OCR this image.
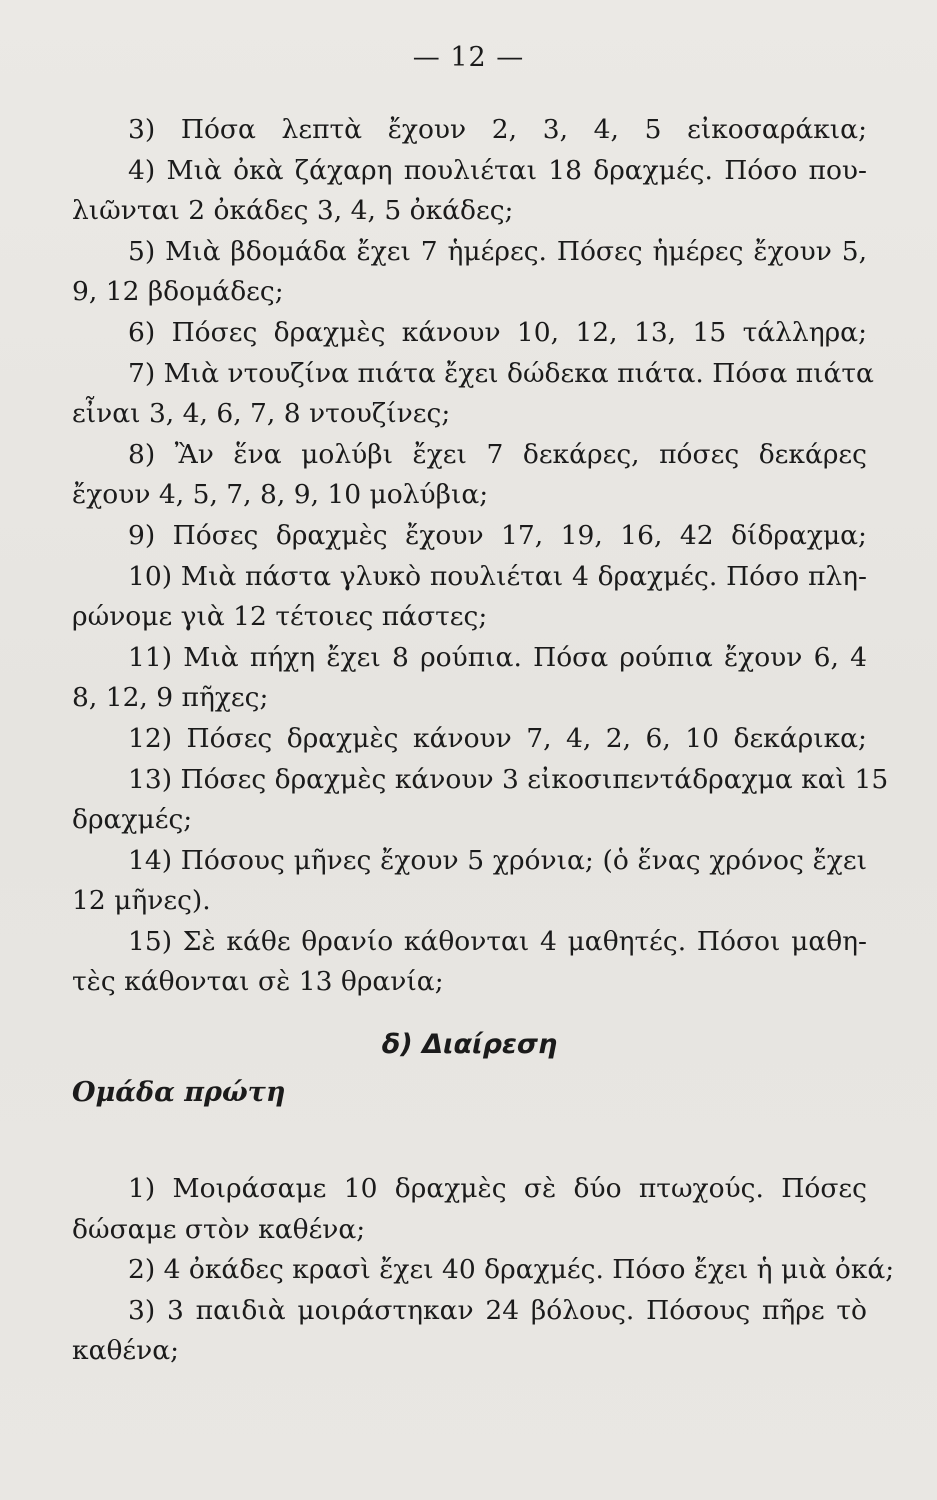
— 12 —
3) Πόσα λεπτὰ ἔχουν 2, 3, 4, 5 εἰκοσαράκια;
4) Μιὰ ὀκὰ ζάχαρη πουλιέται 18 δραχμές. Πόσο που-
λιῶνται 2 ὀκάδες 3, 4, 5 ὀκάδες;
5) Μιὰ βδομάδα ἔχει 7 ἡμέρες. Πόσες ἡμέρες ἔχουν 5,
9, 12 βδομάδες;
6) Πόσες δραχμὲς κάνουν 10, 12, 13, 15 τάλληρα;
7) Μιὰ ντουζίνα πιάτα ἔχει δώδεκα πιάτα. Πόσα πιάτα
εἶναι 3, 4, 6, 7, 8 ντουζίνες;
8) Ἂν ἕνα μολύβι ἔχει 7 δεκάρες, πόσες δεκάρες
ἔχουν 4, 5, 7, 8, 9, 10 μολύβια;
9) Πόσες δραχμὲς ἔχουν 17, 19, 16, 42 δίδραχμα;
10) Μιὰ πάστα γλυκὸ πουλιέται 4 δραχμές. Πόσο πλη-
ρώνομε γιὰ 12 τέτοιες πάστες;
11) Μιὰ πήχη ἔχει 8 ρούπια. Πόσα ρούπια ἔχουν 6, 4
8, 12, 9 πῆχες;
12) Πόσες δραχμὲς κάνουν 7, 4, 2, 6, 10 δεκάρικα;
13) Πόσες δραχμὲς κάνουν 3 εἰκοσιπεντάδραχμα καὶ 15
δραχμές;
14) Πόσους μῆνες ἔχουν 5 χρόνια; (ὁ ἕνας χρόνος ἔχει
12 μῆνες).
15) Σὲ κάθε θρανίο κάθονται 4 μαθητές. Πόσοι μαθη-
τὲς κάθονται σὲ 13 θρανία;
δ) Διαίρεση
Ομάδα πρώτη
1) Μοιράσαμε 10 δραχμὲς σὲ δύο πτωχούς. Πόσες
δώσαμε στὸν καθένα;
2) 4 ὀκάδες κρασὶ ἔχει 40 δραχμές. Πόσο ἔχει ἡ μιὰ ὀκά;
3) 3 παιδιὰ μοιράστηκαν 24 βόλους. Πόσους πῆρε τὸ
καθένα;
